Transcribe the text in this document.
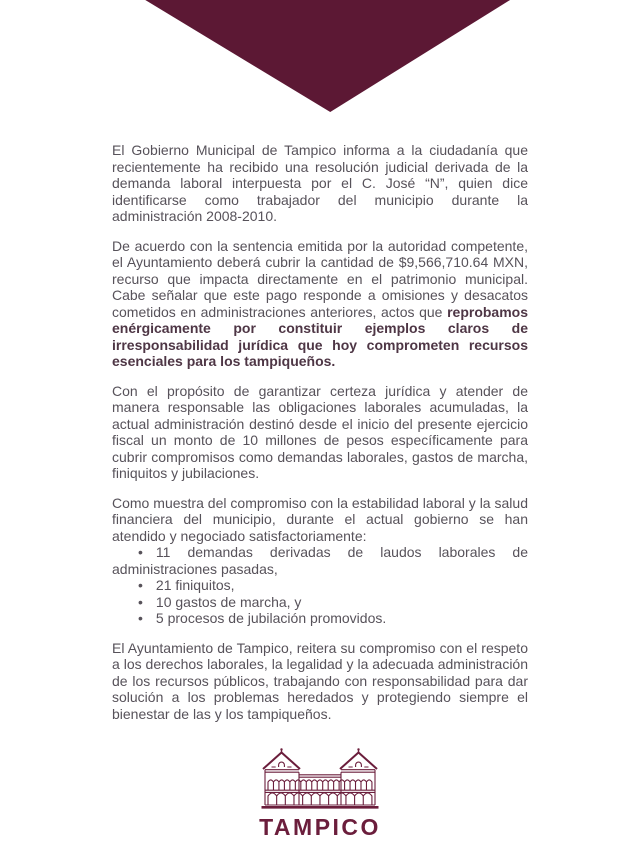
El Gobierno Municipal de Tampico informa a la ciudadanía que recientemente ha recibido una resolución judicial derivada de la demanda laboral interpuesta por el C. José “N”, quien dice identificarse como trabajador del municipio durante la administración 2008-2010.

De acuerdo con la sentencia emitida por la autoridad competente, el Ayuntamiento deberá cubrir la cantidad de $9,566,710.64 MXN, recurso que impacta directamente en el patrimonio municipal. Cabe señalar que este pago responde a omisiones y desacatos cometidos en administraciones anteriores, actos que reprobamos enérgicamente por constituir ejemplos claros de irresponsabilidad jurídica que hoy comprometen recursos esenciales para los tampiqueños.

Con el propósito de garantizar certeza jurídica y atender de manera responsable las obligaciones laborales acumuladas, la actual administración destinó desde el inicio del presente ejercicio fiscal un monto de 10 millones de pesos específicamente para cubrir compromisos como demandas laborales, gastos de marcha, finiquitos y jubilaciones.

Como muestra del compromiso con la estabilidad laboral y la salud financiera del municipio, durante el actual gobierno se han atendido y negociado satisfactoriamente:

• 11 demandas derivadas de laudos laborales de administraciones pasadas,
• 21 finiquitos,
• 10 gastos de marcha, y
• 5 procesos de jubilación promovidos.

El Ayuntamiento de Tampico, reitera su compromiso con el respeto a los derechos laborales, la legalidad y la adecuada administración de los recursos públicos, trabajando con responsabilidad para dar solución a los problemas heredados y protegiendo siempre el bienestar de las y los tampiqueños.

TAMPICO
